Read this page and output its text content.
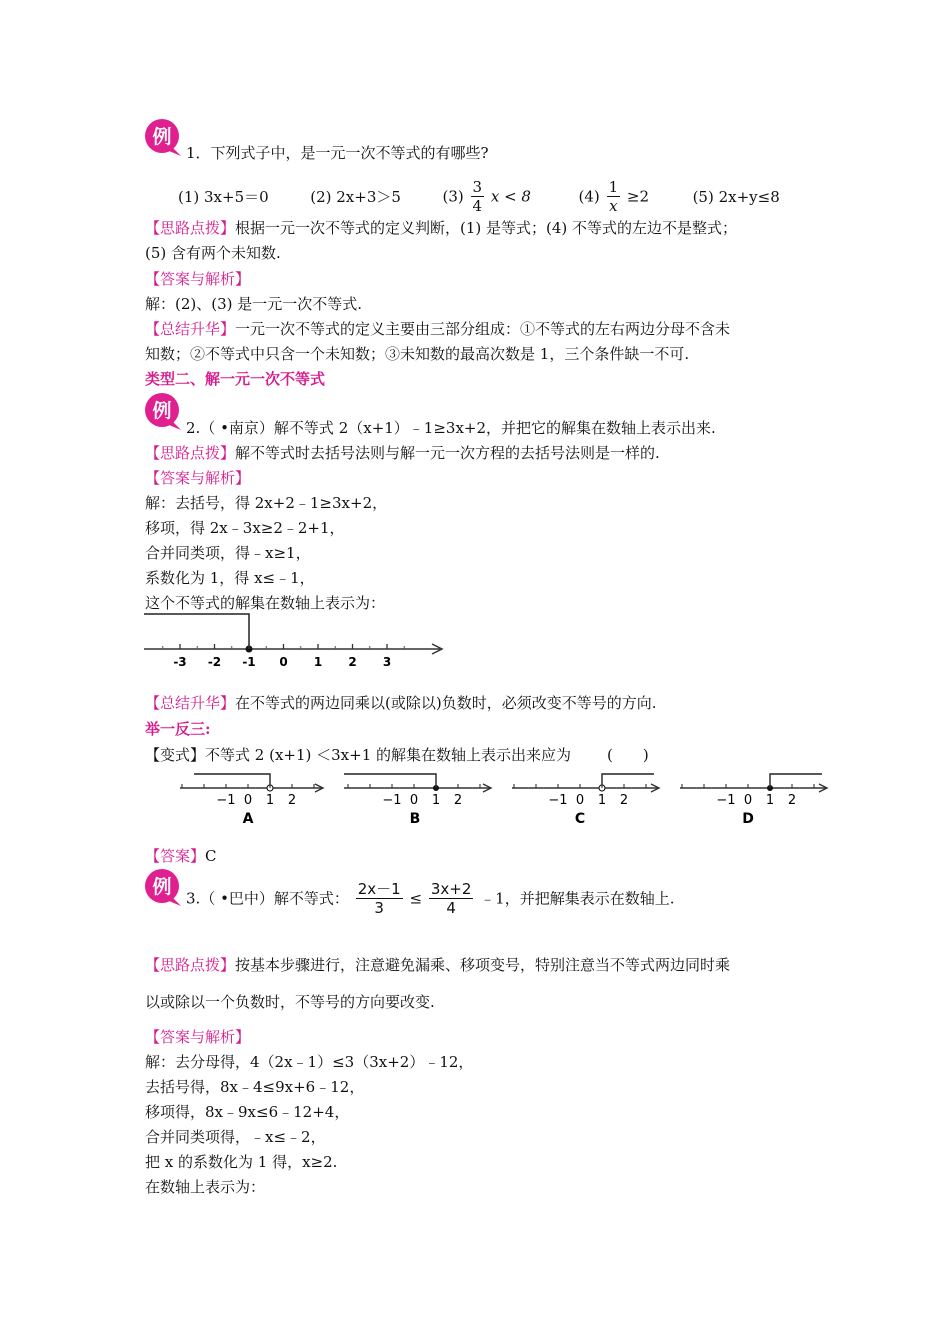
例
1．下列式子中，是一元一次不等式的有哪些?
(1) 3x+5＝0	(2) 2x+3＞5	$(3) \frac{3}{4}$ x < 8	$(4) \frac{1}{x} \ge 2$	(5) 2x+y≤8
【思路点拨】根据一元一次不等式的定义判断，(1) 是等式；(4) 不等式的左边不是整式；
(5) 含有两个未知数.
【答案与解析】
解：(2)、(3) 是一元一次不等式.
【总结升华】一元一次不等式的定义主要由三部分组成：①不等式的左右两边分母不含未
知数；②不等式中只含一个未知数；③未知数的最高次数是 1，三个条件缺一不可.
类型二、解一元一次不等式
例
2.（ •南京）解不等式 2（x+1）﹣1≥3x+2，并把它的解集在数轴上表示出来.
【思路点拨】解不等式时去括号法则与解一元一次方程的去括号法则是一样的.
【答案与解析】
解：去括号，得 2x+2﹣1≥3x+2，
移项，得 2x﹣3x≥2﹣2+1，
合并同类项，得﹣x≥1，
系数化为 1，得 x≤﹣1，
这个不等式的解集在数轴上表示为：
-3 -2 -1 0 1 2 3
【总结升华】在不等式的两边同乘以(或除以)负数时，必须改变不等号的方向.
举一反三:
【变式】不等式 2 (x+1) ＜3x+1 的解集在数轴上表示出来应为 (　　)
−1 0 1 2
A
−1 0 1 2
B
−1 0 1 2
C
−1 0 1 2
D
【答案】C
例
3.（ •巴中）解不等式： $\frac{2x-1}{3} \le \frac{3x+2}{4}$ ﹣1，并把解集表示在数轴上.
【思路点拨】按基本步骤进行，注意避免漏乘、移项变号，特别注意当不等式两边同时乘
以或除以一个负数时，不等号的方向要改变.
【答案与解析】
解：去分母得，4（2x﹣1）≤3（3x+2）﹣12，
去括号得，8x﹣4≤9x+6﹣12，
移项得，8x﹣9x≤6﹣12+4，
合并同类项得，﹣x≤﹣2，
把 x 的系数化为 1 得，x≥2.
在数轴上表示为：
